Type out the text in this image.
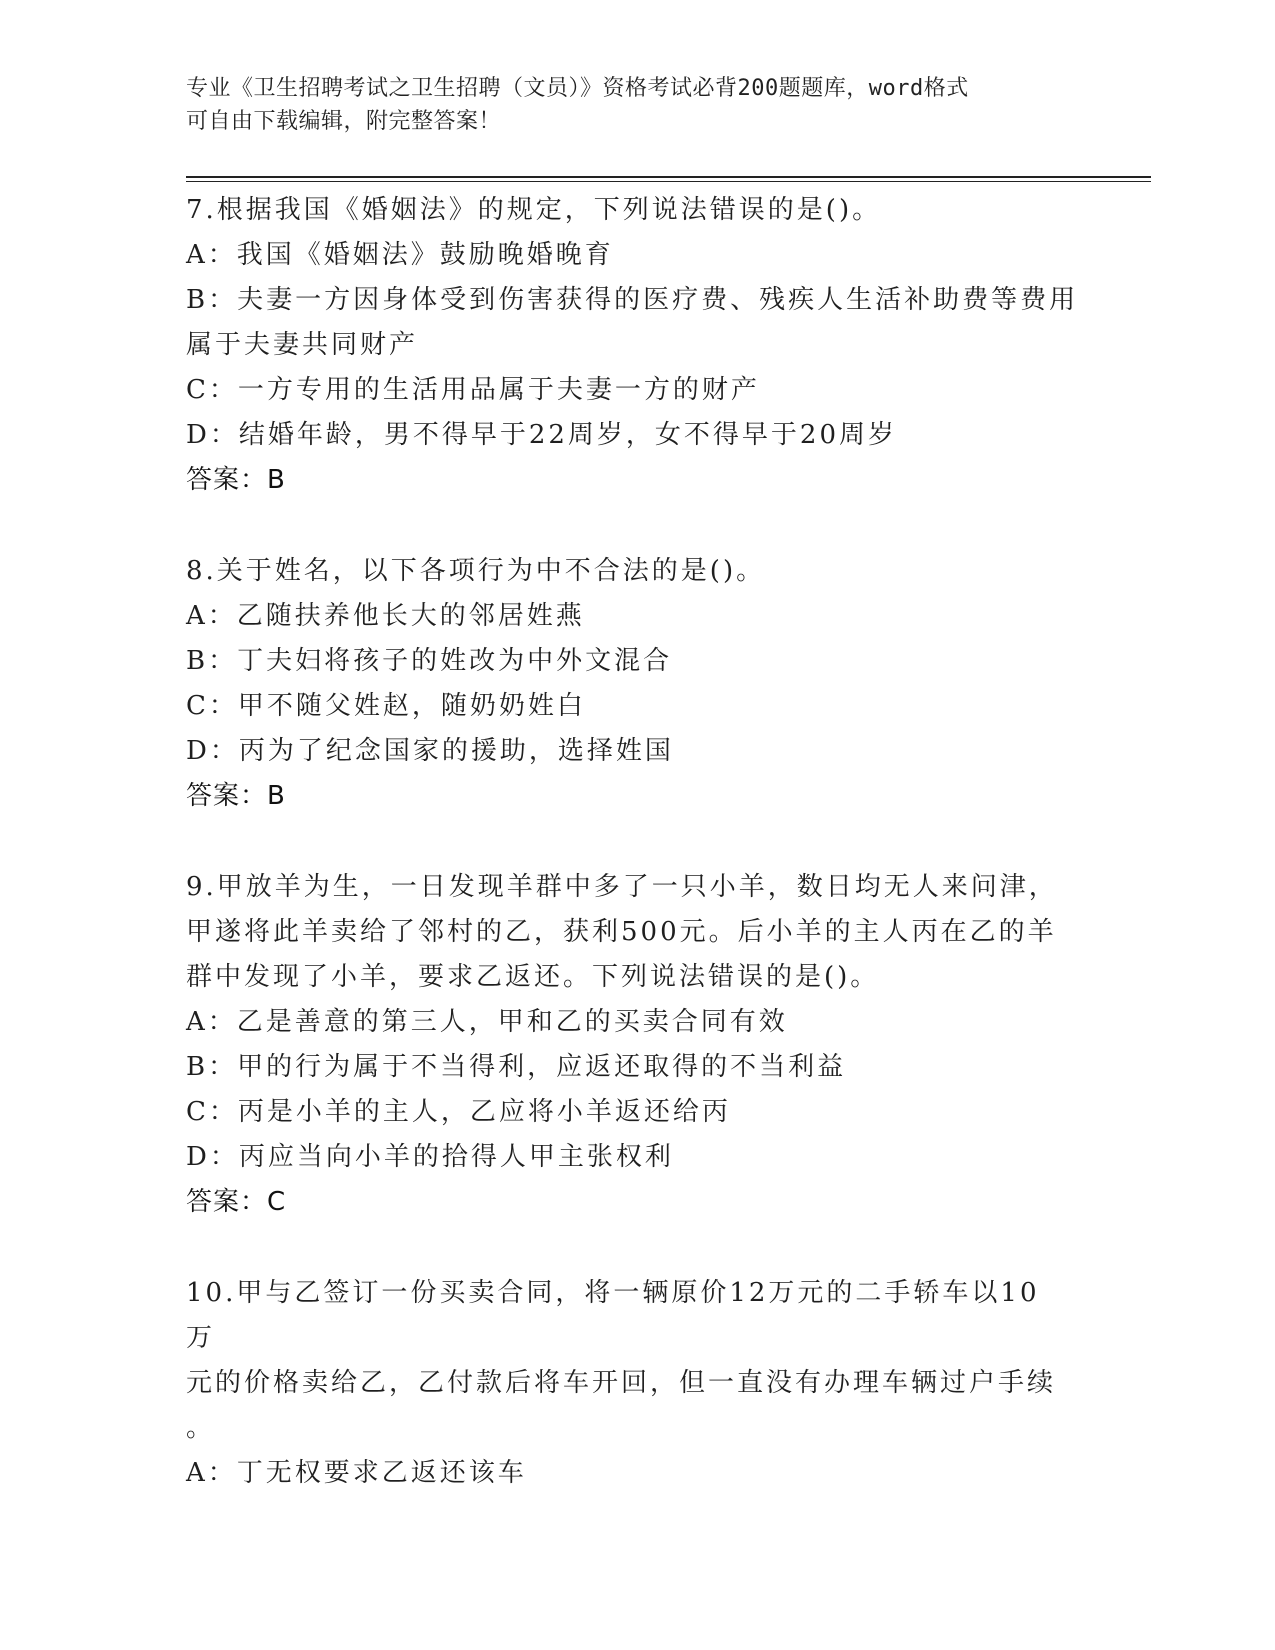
专业《卫生招聘考试之卫生招聘（文员）》资格考试必背200题题库，word格式
可自由下载编辑，附完整答案！
7.根据我国《婚姻法》的规定，下列说法错误的是()。
A：我国《婚姻法》鼓励晚婚晚育
B：夫妻一方因身体受到伤害获得的医疗费、残疾人生活补助费等费用
属于夫妻共同财产
C：一方专用的生活用品属于夫妻一方的财产
D：结婚年龄，男不得早于22周岁，女不得早于20周岁
答案：B
8.关于姓名，以下各项行为中不合法的是()。
A：乙随扶养他长大的邻居姓燕
B：丁夫妇将孩子的姓改为中外文混合
C：甲不随父姓赵，随奶奶姓白
D：丙为了纪念国家的援助，选择姓国
答案：B
9.甲放羊为生，一日发现羊群中多了一只小羊，数日均无人来问津，
甲遂将此羊卖给了邻村的乙，获利500元。后小羊的主人丙在乙的羊
群中发现了小羊，要求乙返还。下列说法错误的是()。
A：乙是善意的第三人，甲和乙的买卖合同有效
B：甲的行为属于不当得利，应返还取得的不当利益
C：丙是小羊的主人，乙应将小羊返还给丙
D：丙应当向小羊的拾得人甲主张权利
答案：C
10.甲与乙签订一份买卖合同，将一辆原价12万元的二手轿车以10万
元的价格卖给乙，乙付款后将车开回，但一直没有办理车辆过户手续
。
A：丁无权要求乙返还该车
